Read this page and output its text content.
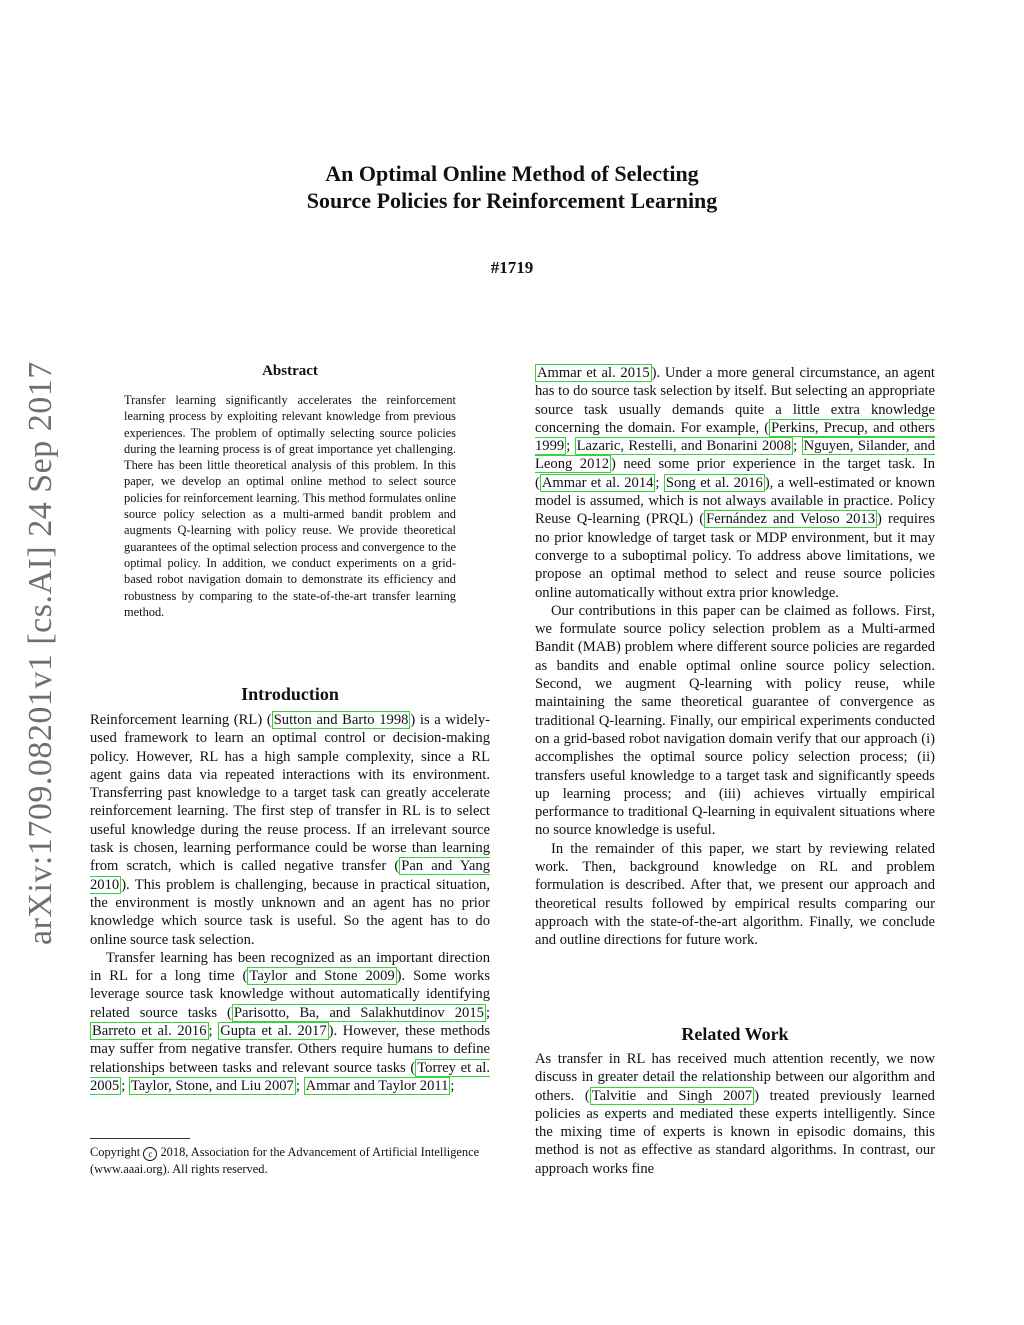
arXiv:1709.08201v1 [cs.AI] 24 Sep 2017
An Optimal Online Method of Selecting
Source Policies for Reinforcement Learning
#1719
Abstract
Transfer learning significantly accelerates the reinforcement learning process by exploiting relevant knowledge from previous experiences. The problem of optimally selecting source policies during the learning process is of great importance yet challenging. There has been little theoretical analysis of this problem. In this paper, we develop an optimal online method to select source policies for reinforcement learning. This method formulates online source policy selection as a multi-armed bandit problem and augments Q-learning with policy reuse. We provide theoretical guarantees of the optimal selection process and convergence to the optimal policy. In addition, we conduct experiments on a grid-based robot navigation domain to demonstrate its efficiency and robustness by comparing to the state-of-the-art transfer learning method.
Introduction

Reinforcement learning (RL) ( Sutton and Barto 1998 ) is a widely-used framework to learn an optimal control or decision-making policy. However, RL has a high sample complexity, since a RL agent gains data via repeated interactions with its environment. Transferring past knowledge to a target task can greatly accelerate reinforcement learning. The first step of transfer in RL is to select useful knowledge during the reuse process. If an irrelevant source task is chosen, learning performance could be worse than learning from scratch, which is called negative transfer ( Pan and Yang 2010 ). This problem is challenging, because in practical situation, the environment is mostly unknown and an agent has no prior knowledge which source task is useful. So the agent has to do online source task selection.

Transfer learning has been recognized as an important direction in RL for a long time ( Taylor and Stone 2009 ). Some works leverage source task knowledge without automatically identifying related source tasks ( Parisotto, Ba, and Salakhutdinov 2015 ; Barreto et al. 2016 ; Gupta et al. 2017 ). However, these methods may suffer from negative transfer. Others require humans to define relationships between tasks and relevant source tasks ( Torrey et al. 2005 ; Taylor, Stone, and Liu 2007 ; Ammar and Taylor 2011 ;

Copyright c 2018, Association for the Advancement of Artificial Intelligence (www.aaai.org). All rights reserved.

Ammar et al. 2015 ). Under a more general circumstance, an agent has to do source task selection by itself. But selecting an appropriate source task usually demands quite a little extra knowledge concerning the domain. For example, ( Perkins, Precup, and others 1999 ; Lazaric, Restelli, and Bonarini 2008 ; Nguyen, Silander, and Leong 2012 ) need some prior experience in the target task. In ( Ammar et al. 2014 ; Song et al. 2016 ), a well-estimated or known model is assumed, which is not always available in practice. Policy Reuse Q-learning (PRQL) ( Fernández and Veloso 2013 ) requires no prior knowledge of target task or MDP environment, but it may converge to a suboptimal policy. To address above limitations, we propose an optimal method to select and reuse source policies online automatically without extra prior knowledge.

Our contributions in this paper can be claimed as follows. First, we formulate source policy selection problem as a Multi-armed Bandit (MAB) problem where different source policies are regarded as bandits and enable optimal online source policy selection. Second, we augment Q-learning with policy reuse, while maintaining the same theoretical guarantee of convergence as traditional Q-learning. Finally, our empirical experiments conducted on a grid-based robot navigation domain verify that our approach (i) accomplishes the optimal source policy selection process; (ii) transfers useful knowledge to a target task and significantly speeds up learning process; and (iii) achieves virtually empirical performance to traditional Q-learning in equivalent situations where no source knowledge is useful.

In the remainder of this paper, we start by reviewing related work. Then, background knowledge on RL and problem formulation is described. After that, we present our approach and theoretical results followed by empirical results comparing our approach with the state-of-the-art algorithm. Finally, we conclude and outline directions for future work.

Related Work

As transfer in RL has received much attention recently, we now discuss in greater detail the relationship between our algorithm and others. ( Talvitie and Singh 2007 ) treated previously learned policies as experts and mediated these experts intelligently. Since the mixing time of experts is known in episodic domains, this method is not as effective as standard algorithms. In contrast, our approach works fine
